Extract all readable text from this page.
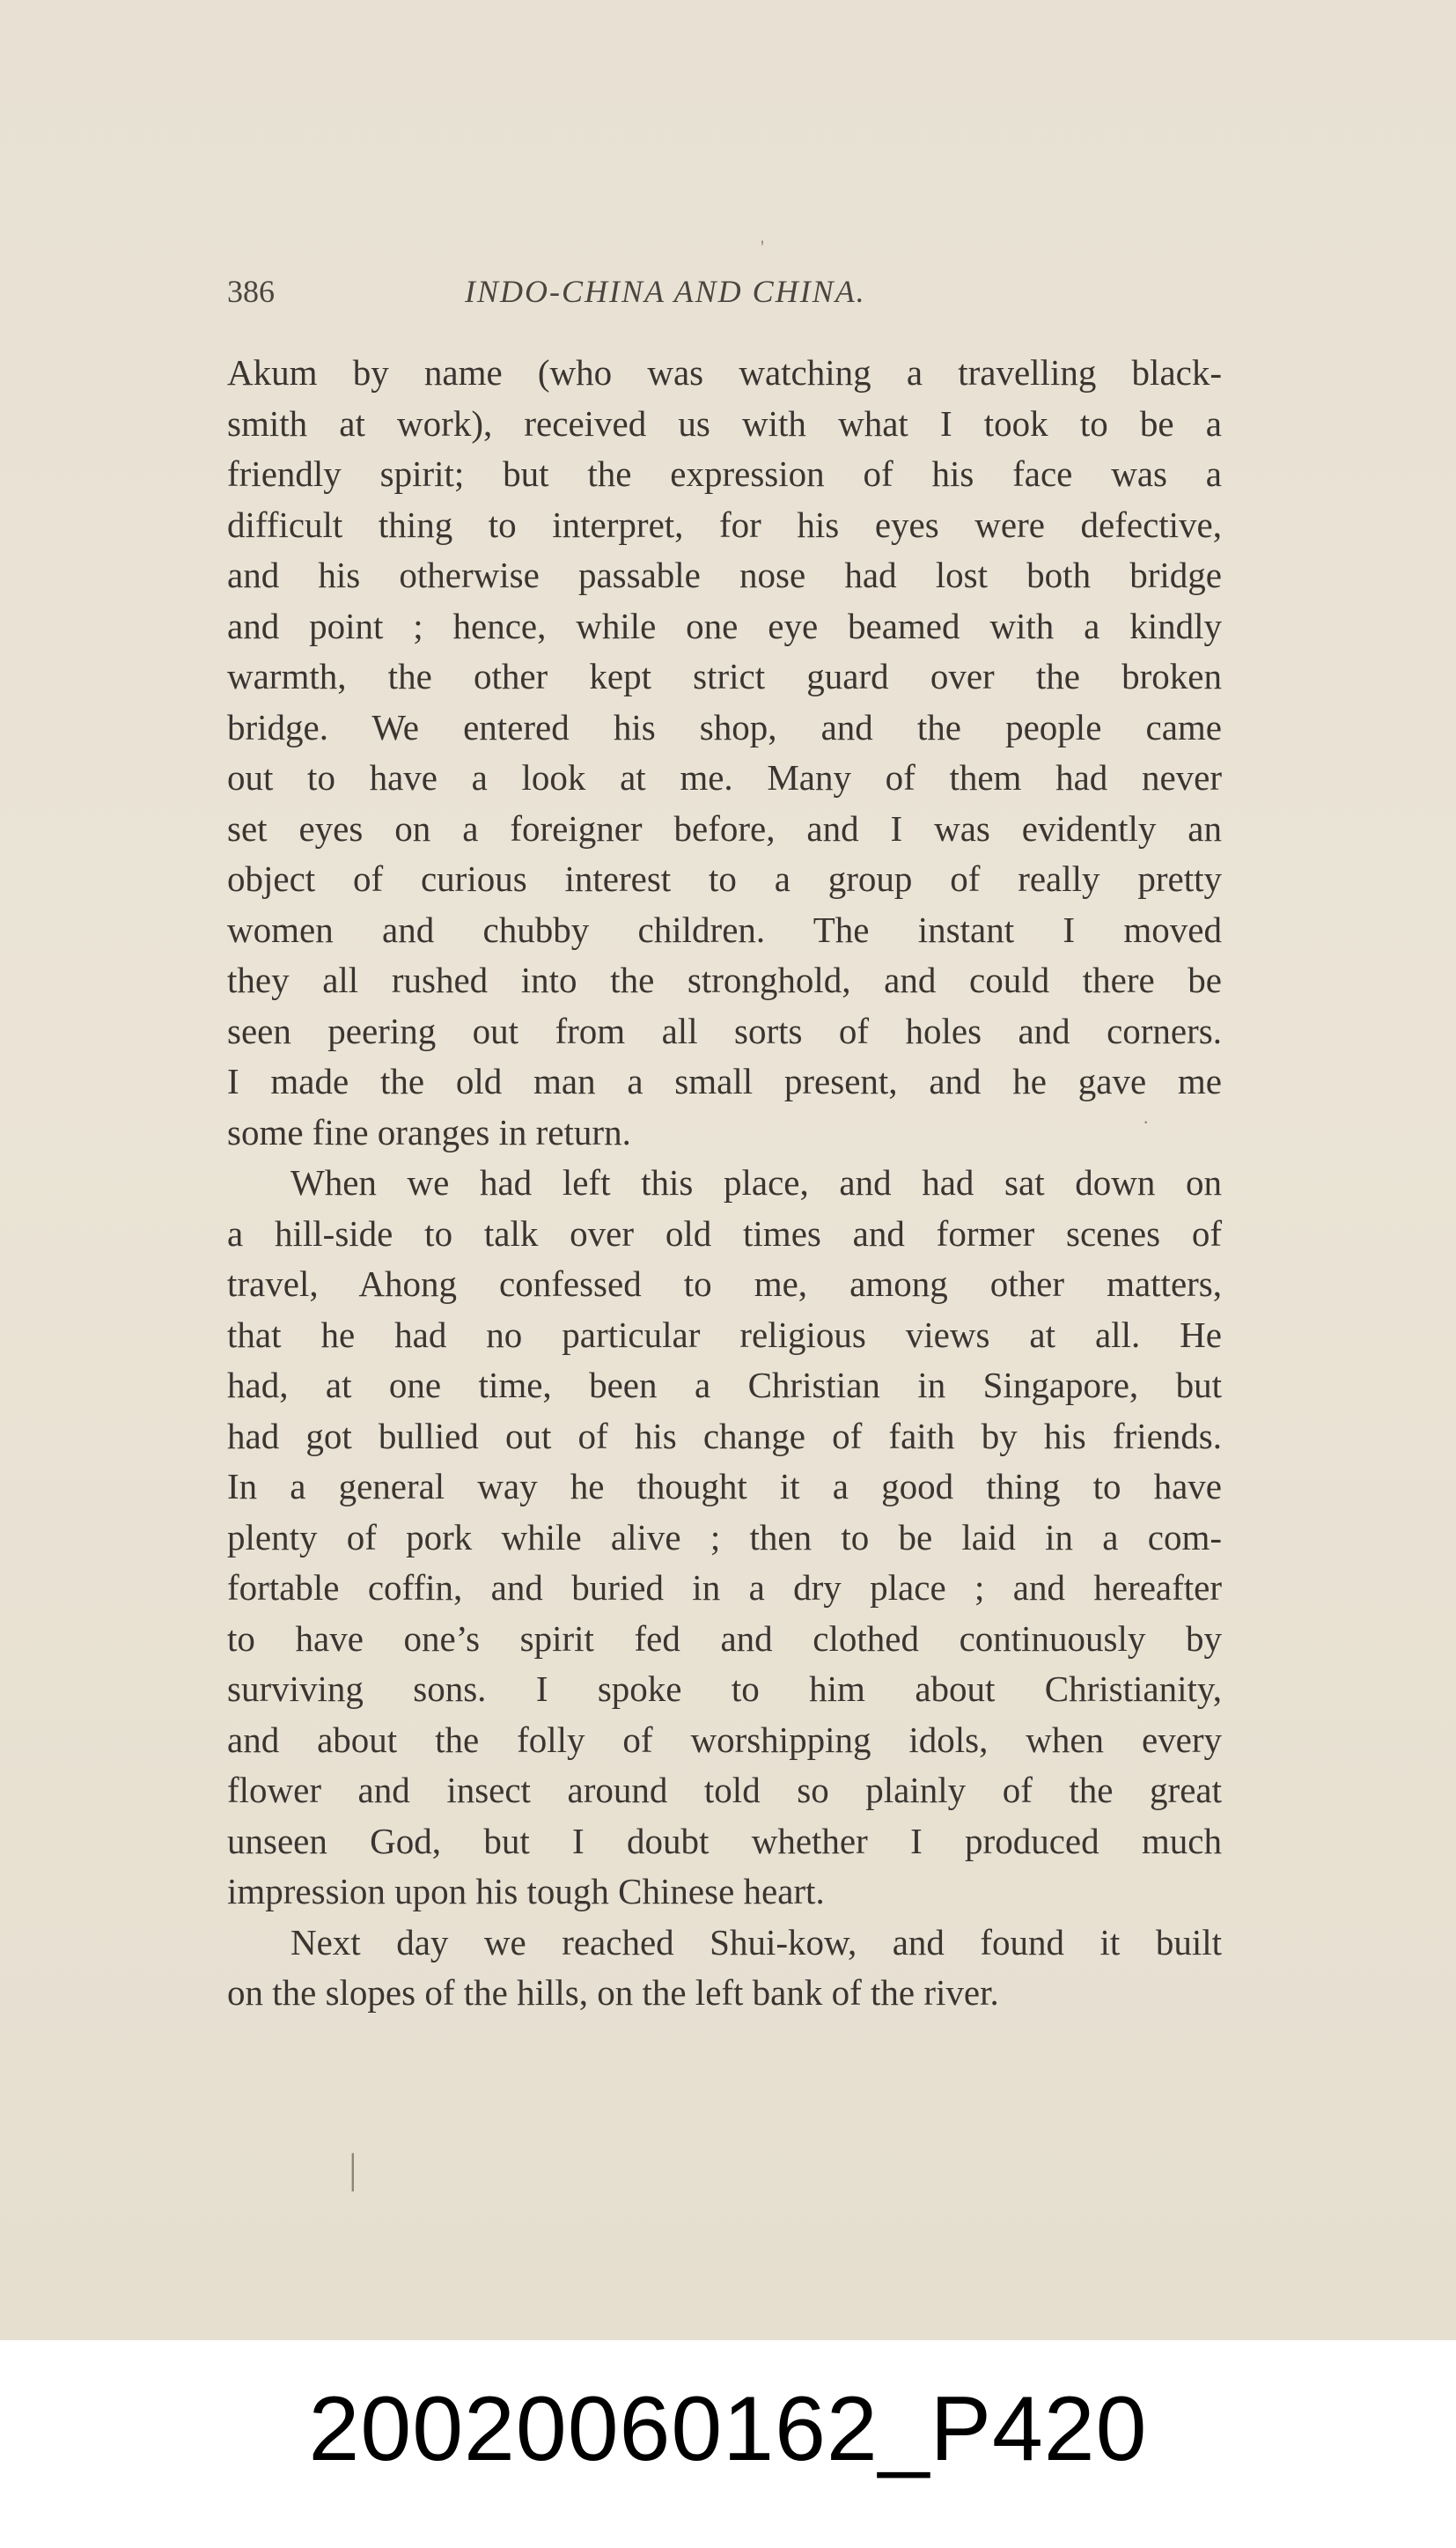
386	INDO-CHINA AND CHINA.
Akum by name (who was watching a travelling black-
smith at work), received us with what I took to be a
friendly spirit; but the expression of his face was a
difficult thing to interpret, for his eyes were defective,
and his otherwise passable nose had lost both bridge
and point ; hence, while one eye beamed with a kindly
warmth, the other kept strict guard over the broken
bridge. We entered his shop, and the people came
out to have a look at me. Many of them had never
set eyes on a foreigner before, and I was evidently an
object of curious interest to a group of really pretty
women and chubby children. The instant I moved
they all rushed into the stronghold, and could there be
seen peering out from all sorts of holes and corners.
I made the old man a small present, and he gave me
some fine oranges in return.
When we had left this place, and had sat down on
a hill-side to talk over old times and former scenes of
travel, Ahong confessed to me, among other matters,
that he had no particular religious views at all. He
had, at one time, been a Christian in Singapore, but
had got bullied out of his change of faith by his friends.
In a general way he thought it a good thing to have
plenty of pork while alive ; then to be laid in a com-
fortable coffin, and buried in a dry place ; and hereafter
to have one’s spirit fed and clothed continuously by
surviving sons. I spoke to him about Christianity,
and about the folly of worshipping idols, when every
flower and insect around told so plainly of the great
unseen God, but I doubt whether I produced much
impression upon his tough Chinese heart.
Next day we reached Shui-kow, and found it built
on the slopes of the hills, on the left bank of the river.
'
·
|
20020060162_P420
